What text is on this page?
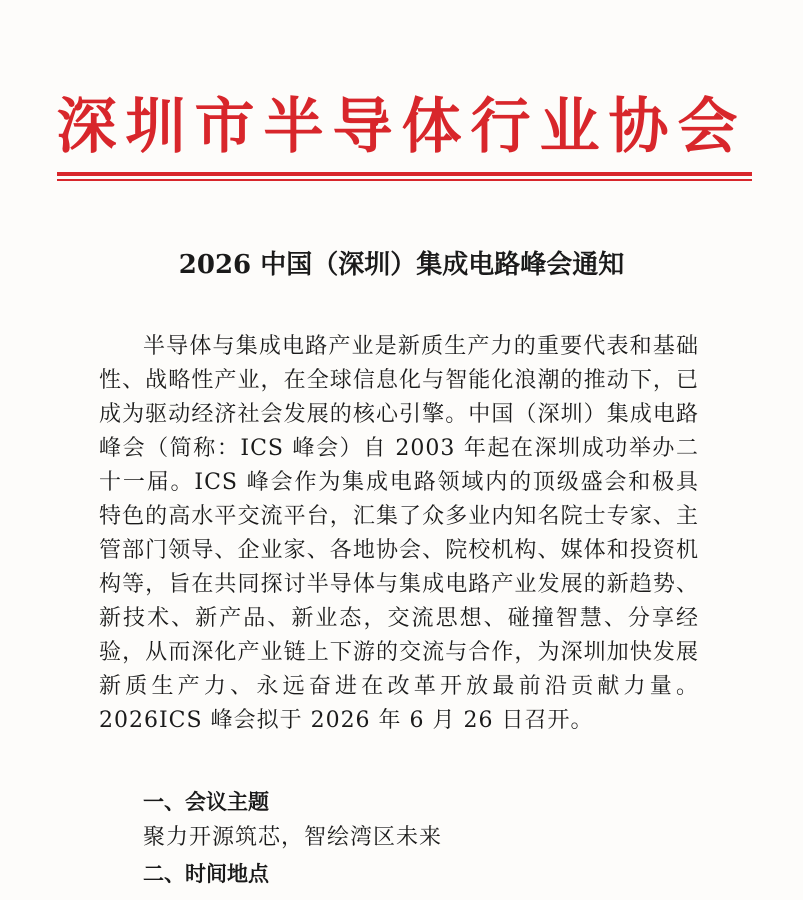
深圳市半导体行业协会
2026 中国（深圳）集成电路峰会通知

半导体与集成电路产业是新质生产力的重要代表和基础性、战略性产业，在全球信息化与智能化浪潮的推动下，已成为驱动经济社会发展的核心引擎。中国（深圳）集成电路峰会（简称：ICS 峰会）自 2003 年起在深圳成功举办二十一届。ICS 峰会作为集成电路领域内的顶级盛会和极具特色的高水平交流平台，汇集了众多业内知名院士专家、主管部门领导、企业家、各地协会、院校机构、媒体和投资机构等，旨在共同探讨半导体与集成电路产业发展的新趋势、新技术、新产品、新业态，交流思想、碰撞智慧、分享经验，从而深化产业链上下游的交流与合作，为深圳加快发展新质生产力、永远奋进在改革开放最前沿贡献力量。2026ICS 峰会拟于 2026 年 6 月 26 日召开。

一、会议主题
聚力开源筑芯，智绘湾区未来
二、时间地点
